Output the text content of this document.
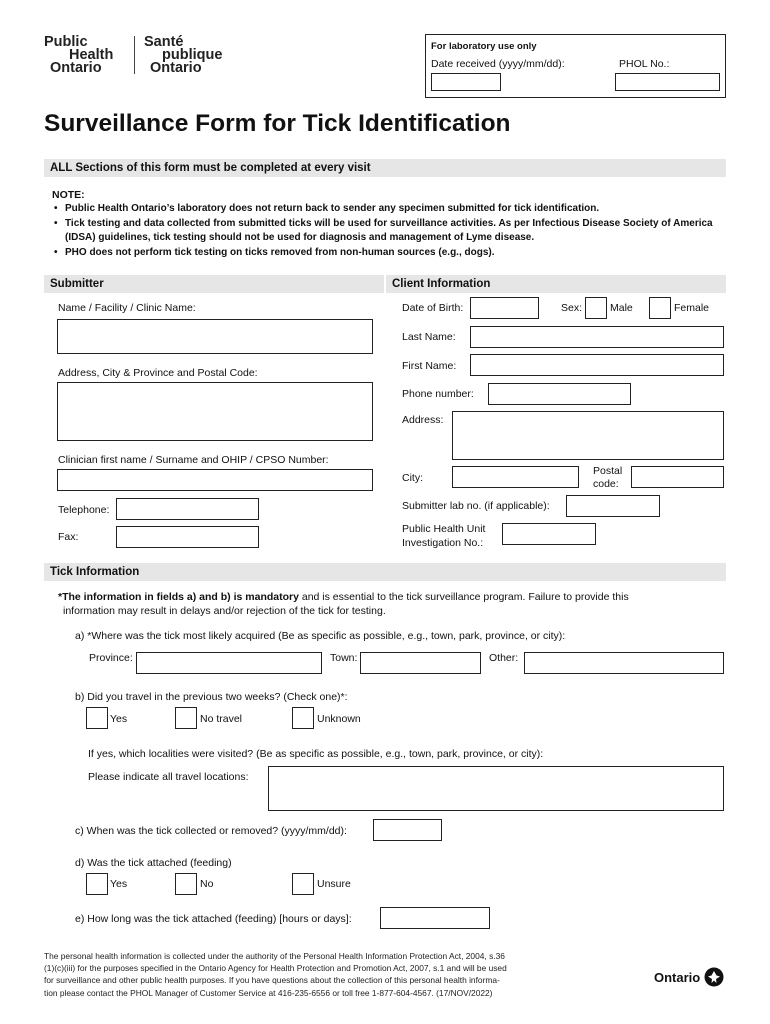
Public
Health
Ontario
Santé
publique
Ontario
For laboratory use only
Date received (yyyy/mm/dd):	PHOL No.:
Surveillance Form for Tick Identification
ALL Sections of this form must be completed at every visit
NOTE:
• Public Health Ontario’s laboratory does not return back to sender any specimen submitted for tick identification.
• Tick testing and data collected from submitted ticks will be used for surveillance activities. As per Infectious Disease Society of America (IDSA) guidelines, tick testing should not be used for diagnosis and management of Lyme disease.
• PHO does not perform tick testing on ticks removed from non-human sources (e.g., dogs).
Submitter	Client Information
Name / Facility / Clinic Name:
Address, City & Province and Postal Code:
Clinician first name / Surname and OHIP / CPSO Number:
Telephone:
Fax:
Date of Birth:	Sex:	Male	Female
Last Name:
First Name:
Phone number:
Address:
City:
Postal
code:
Submitter lab no. (if applicable):
Public Health Unit
Investigation No.:
Tick Information
*The information in fields a) and b) is mandatory and is essential to the tick surveillance program. Failure to provide this
information may result in delays and/or rejection of the tick for testing.
a) *Where was the tick most likely acquired (Be as specific as possible, e.g., town, park, province, or city):
Province:	Town:	Other:
b) Did you travel in the previous two weeks? (Check one)*:
Yes	No travel	Unknown
If yes, which localities were visited? (Be as specific as possible, e.g., town, park, province, or city):
Please indicate all travel locations:
c) When was the tick collected or removed? (yyyy/mm/dd):
d) Was the tick attached (feeding)
Yes	No	Unsure
e) How long was the tick attached (feeding) [hours or days]:
The personal health information is collected under the authority of the Personal Health Information Protection Act, 2004, s.36
(1)(c)(iii) for the purposes specified in the Ontario Agency for Health Protection and Promotion Act, 2007, s.1 and will be used
for surveillance and other public health purposes. If you have questions about the collection of this personal health informa-
tion please contact the PHOL Manager of Customer Service at 416-235-6556 or toll free 1-877-604-4567. (17/NOV/2022)
Ontario
